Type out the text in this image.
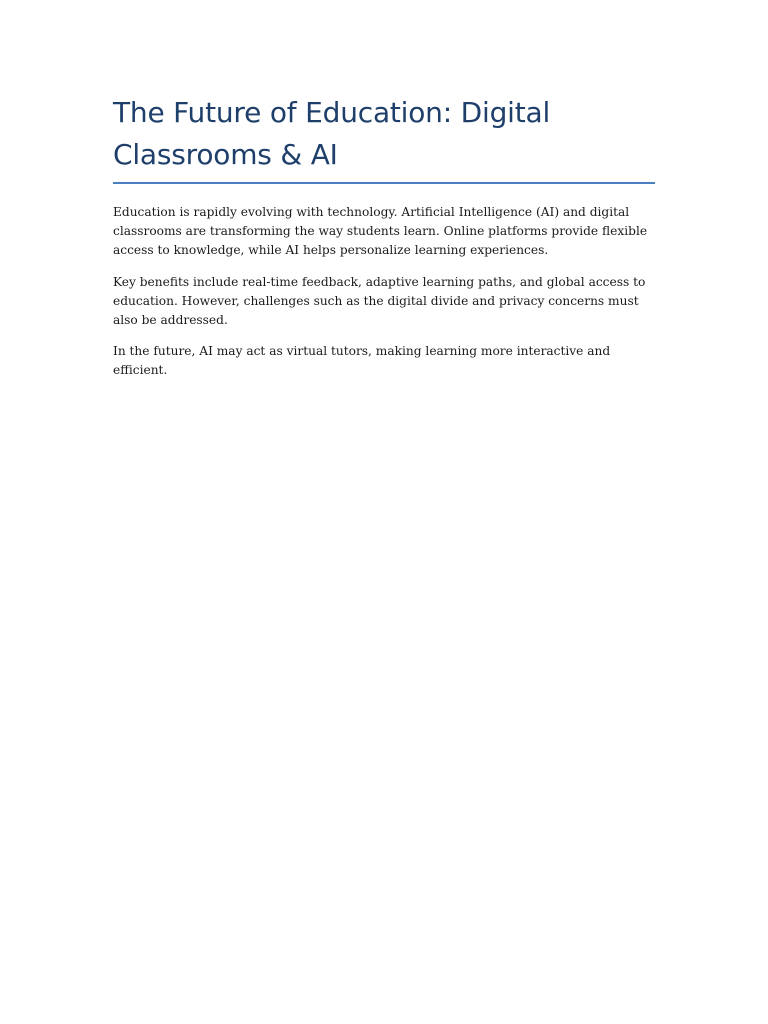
The Future of Education: Digital Classrooms & AI

Education is rapidly evolving with technology. Artificial Intelligence (AI) and digital classrooms are transforming the way students learn. Online platforms provide flexible access to knowledge, while AI helps personalize learning experiences.

Key benefits include real-time feedback, adaptive learning paths, and global access to education. However, challenges such as the digital divide and privacy concerns must also be addressed.

In the future, AI may act as virtual tutors, making learning more interactive and efficient.
